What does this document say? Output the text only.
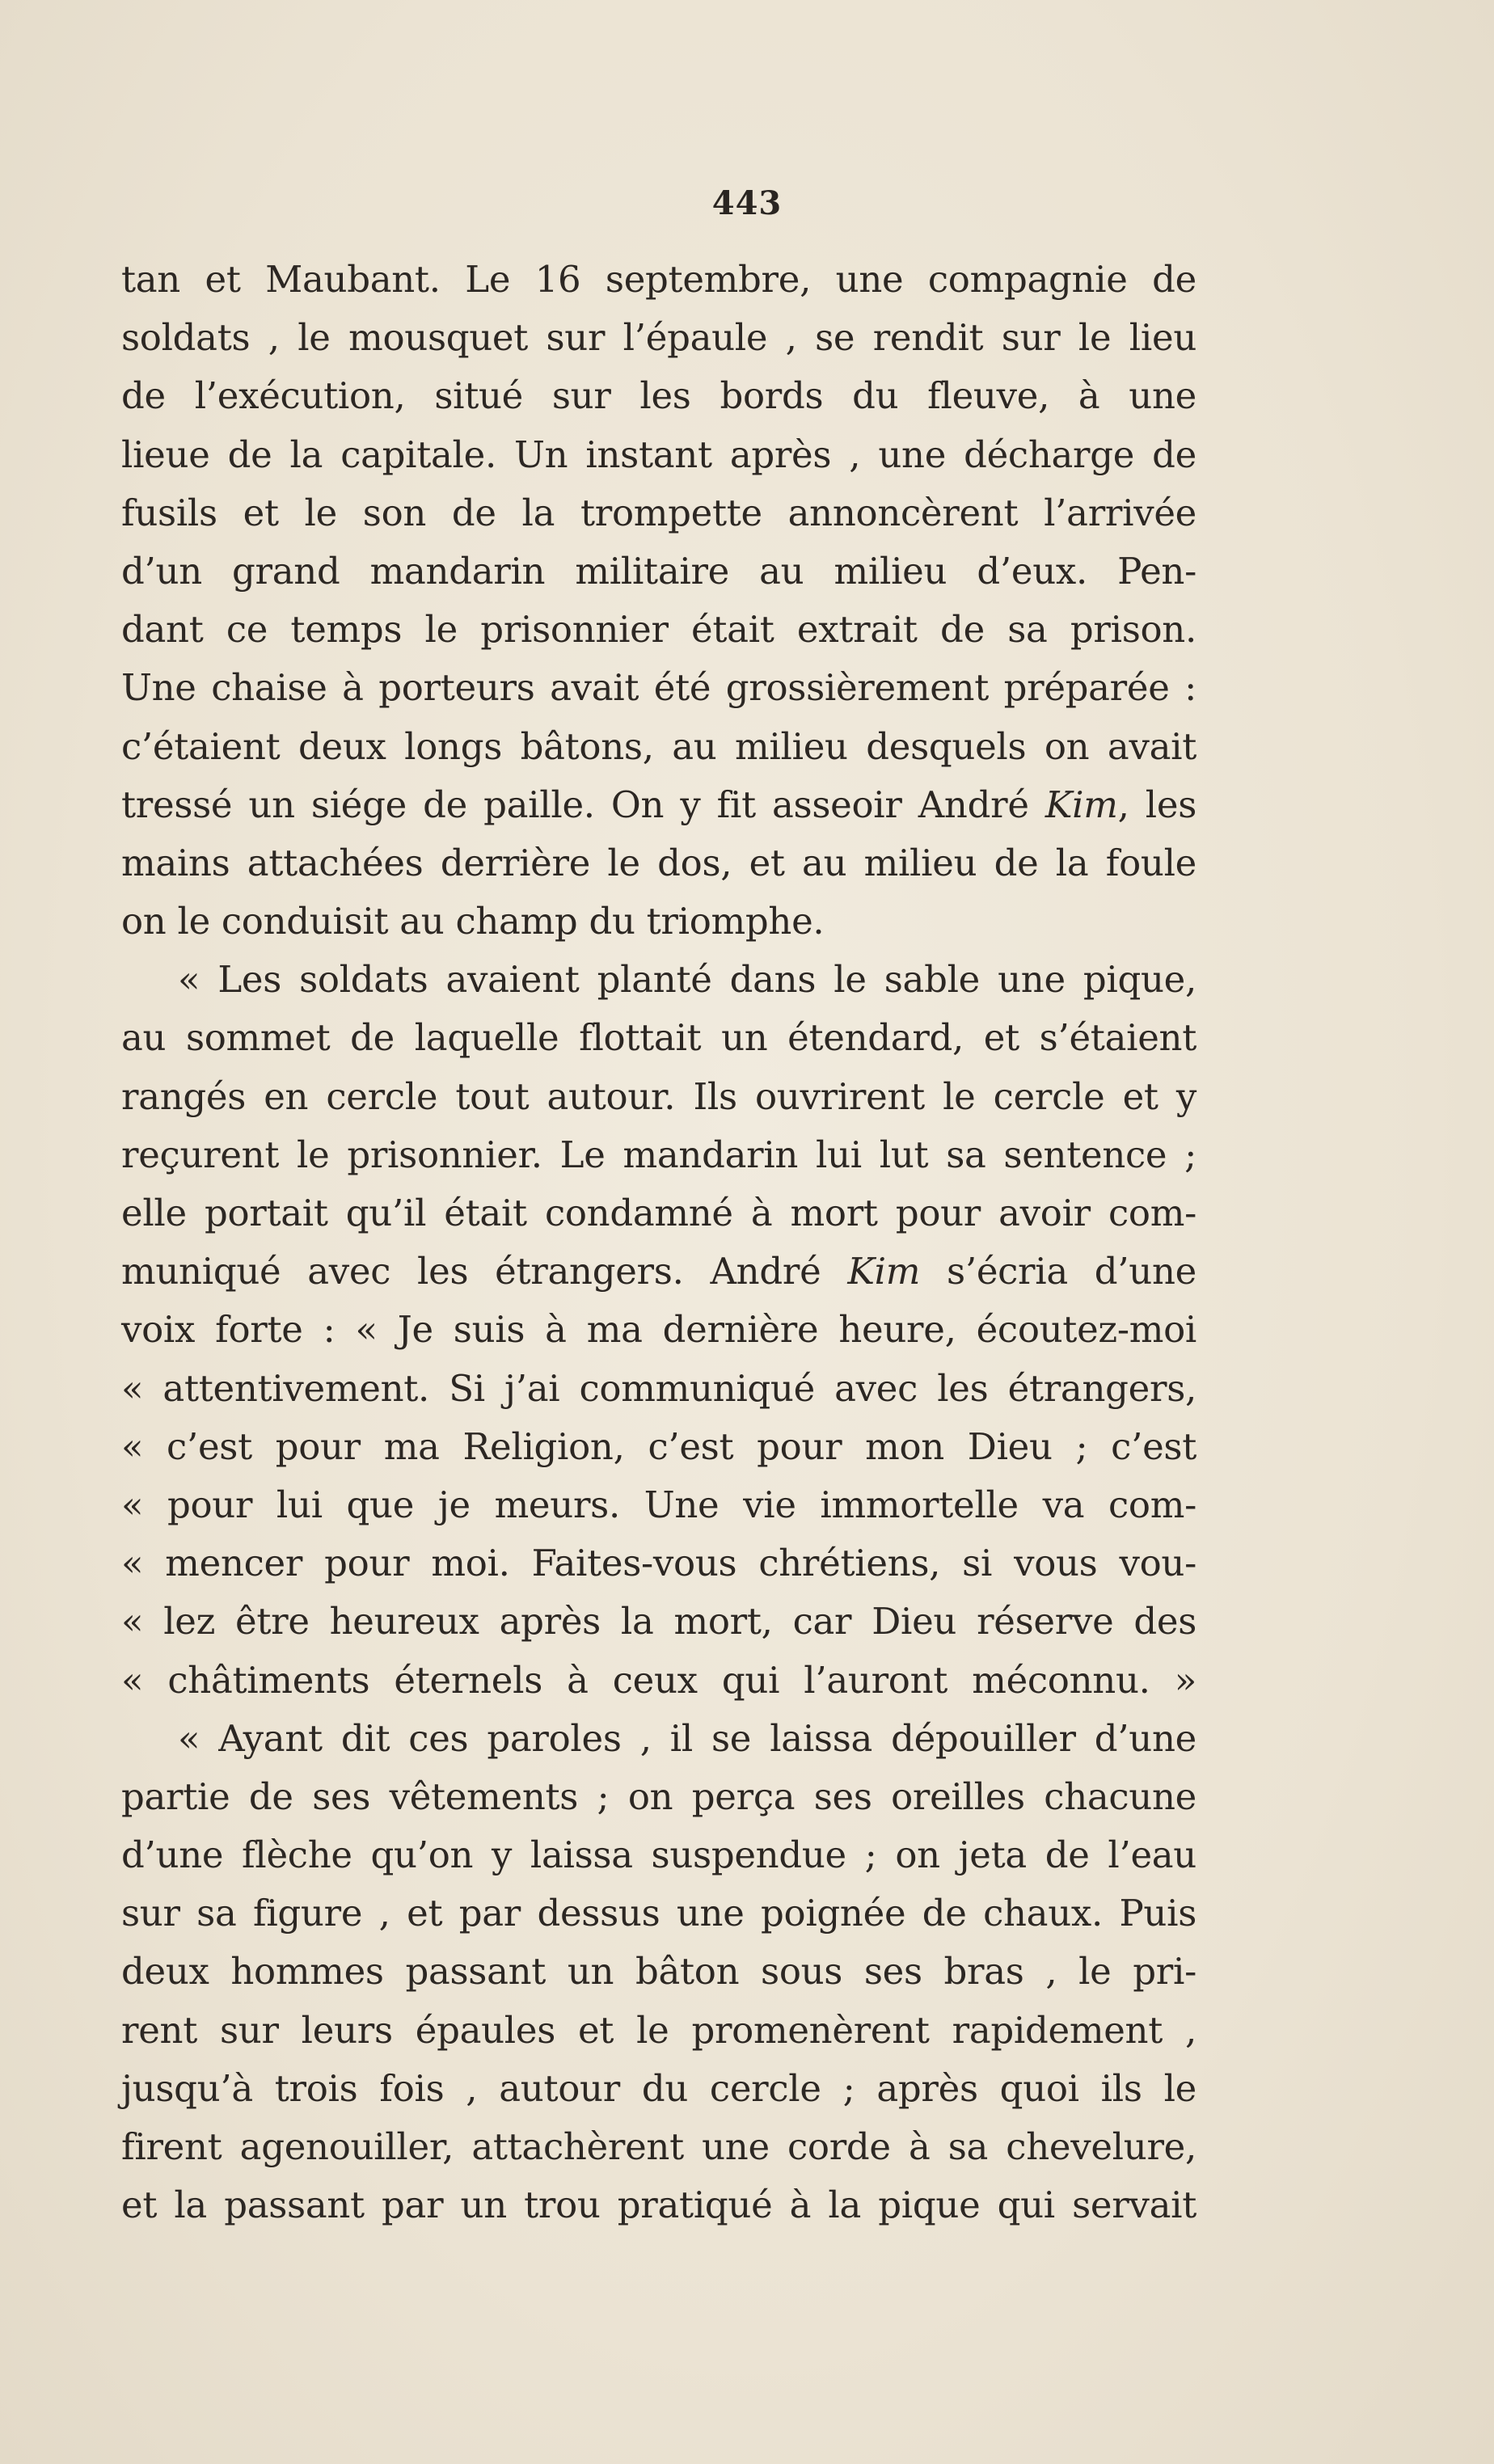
443
tan et Maubant. Le 16 septembre, une compagnie de
soldats , le mousquet sur l’épaule , se rendit sur le lieu
de l’exécution, situé sur les bords du fleuve, à une
lieue de la capitale. Un instant après , une décharge de
fusils et le son de la trompette annoncèrent l’arrivée
d’un grand mandarin militaire au milieu d’eux. Pen-
dant ce temps le prisonnier était extrait de sa prison.
Une chaise à porteurs avait été grossièrement préparée :
c’étaient deux longs bâtons, au milieu desquels on avait
tressé un siége de paille. On y fit asseoir André Kim, les
mains attachées derrière le dos, et au milieu de la foule
on le conduisit au champ du triomphe.
« Les soldats avaient planté dans le sable une pique,
au sommet de laquelle flottait un étendard, et s’étaient
rangés en cercle tout autour. Ils ouvrirent le cercle et y
reçurent le prisonnier. Le mandarin lui lut sa sentence ;
elle portait qu’il était condamné à mort pour avoir com-
muniqué avec les étrangers. André Kim s’écria d’une
voix forte : « Je suis à ma dernière heure, écoutez-moi
« attentivement. Si j’ai communiqué avec les étrangers,
« c’est pour ma Religion, c’est pour mon Dieu ; c’est
« pour lui que je meurs. Une vie immortelle va com-
« mencer pour moi. Faites-vous chrétiens, si vous vou-
« lez être heureux après la mort, car Dieu réserve des
« châtiments éternels à ceux qui l’auront méconnu. »
« Ayant dit ces paroles , il se laissa dépouiller d’une
partie de ses vêtements ; on perça ses oreilles chacune
d’une flèche qu’on y laissa suspendue ; on jeta de l’eau
sur sa figure , et par dessus une poignée de chaux. Puis
deux hommes passant un bâton sous ses bras , le pri-
rent sur leurs épaules et le promenèrent rapidement ,
jusqu’à trois fois , autour du cercle ; après quoi ils le
firent agenouiller, attachèrent une corde à sa chevelure,
et la passant par un trou pratiqué à la pique qui servait
